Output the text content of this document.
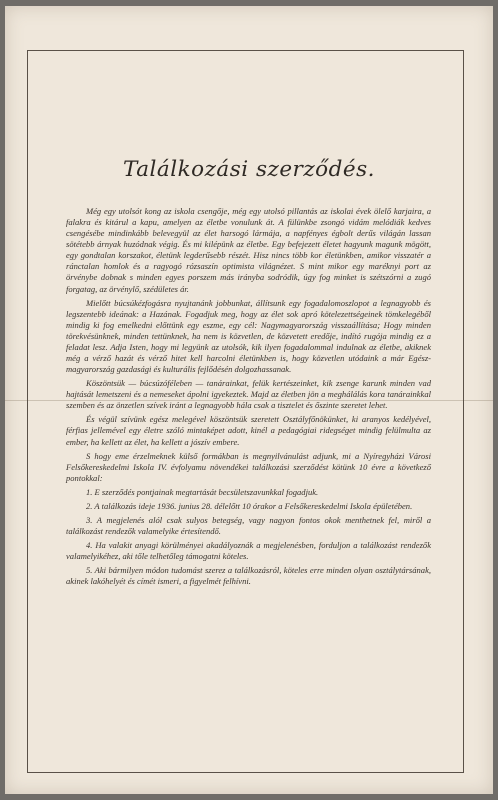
Találkozási szerződés.

Még egy utolsót kong az iskola csengője, még egy utolsó pillantás az iskolai évek ölelő karjaira, a falakra és kitárul a kapu, amelyen az életbe vonulunk át. A fülünkbe zsongó vidám melódiák kedves csengésébe mindinkább belevegyül az élet harsogó lármája, a napfényes égbolt derűs világán lassan sötétebb árnyak huzódnak végig. És mi kilépünk az életbe. Egy befejezett életet hagyunk magunk mögött, egy gondtalan korszakot, életünk legderűsebb részét. Hisz nincs több kor életünkben, amikor visszatér a ránctalan homlok és a ragyogó rózsaszín optimista világnézet. S mint mikor egy maréknyi port az örvénybe dobnak s minden egyes porszem más irányba sodródik, úgy fog minket is szétszórni a zugó forgatag, az örvénylő, szédületes ár.

Mielőtt búcsúkézfogásra nyujtanánk jobbunkat, állítsunk egy fogadalomoszlopot a legnagyobb és legszentebb ideának: a Hazának. Fogadjuk meg, hogy az élet sok apró kötelezettségeinek tömkelegéből mindig ki fog emelkedni előttünk egy eszme, egy cél: Nagymagyarország visszaállítása; Hogy minden törekvésünknek, minden tettünknek, ha nem is közvetlen, de közvetett eredője, indító rugója mindig ez a feladat lesz. Adja Isten, hogy mi legyünk az utolsók, kik ilyen fogadalommal indulnak az életbe, akiknek még a vérző hazát és vérző hitet kell harcolni életünkben is, hogy közvetlen utódaink a már Egész-magyarország gazdasági és kulturális fejlődésén dolgozhassanak.

Köszöntsük — búcsúzóféleben — tanárainkat, felük kertészeinket, kik zsenge karunk minden vad hajtását lemetszeni és a nemeseket ápolni igyekeztek. Majd az életben jön a meghálálás kora tanárainkkal szemben és az önzetlen szívek iránt a legnagyobb hála csak a tisztelet és őszinte szeretet lehet.

És végül szívünk egész melegével köszöntsük szeretett Osztályfőnökünket, ki aranyos kedélyével, férfias jellemével egy életre szóló mintaképet adott, kinél a pedagógiai ridegséget mindig felülmulta az ember, ha kellett az élet, ha kellett a jószív embere.

S hogy eme érzelmeknek külső formákban is megnyilvánulást adjunk, mi a Nyíregyházi Városi Felsőkereskedelmi Iskola IV. évfolyamu növendékei találkozási szerződést kötünk 10 évre a következő pontokkal:

1. E szerződés pontjainak megtartását becsületszavunkkal fogadjuk.
2. A találkozás ideje 1936. junius 28. délelőtt 10 órakor a Felsőkereskedelmi Iskola épületében.
3. A megjelenés alól csak sulyos betegség, vagy nagyon fontos okok menthetnek fel, miről a találkozást rendezők valamelyike értesítendő.
4. Ha valakit anyagi körülményei akadályoznák a megjelenésben, forduljon a találkozást rendezők valamelyikéhez, aki tőle telhetőleg támogatni köteles.
5. Aki bármilyen módon tudomást szerez a találkozásról, köteles erre minden olyan osztálytársának, akinek lakóhelyét és címét ismeri, a figyelmét felhívni.
